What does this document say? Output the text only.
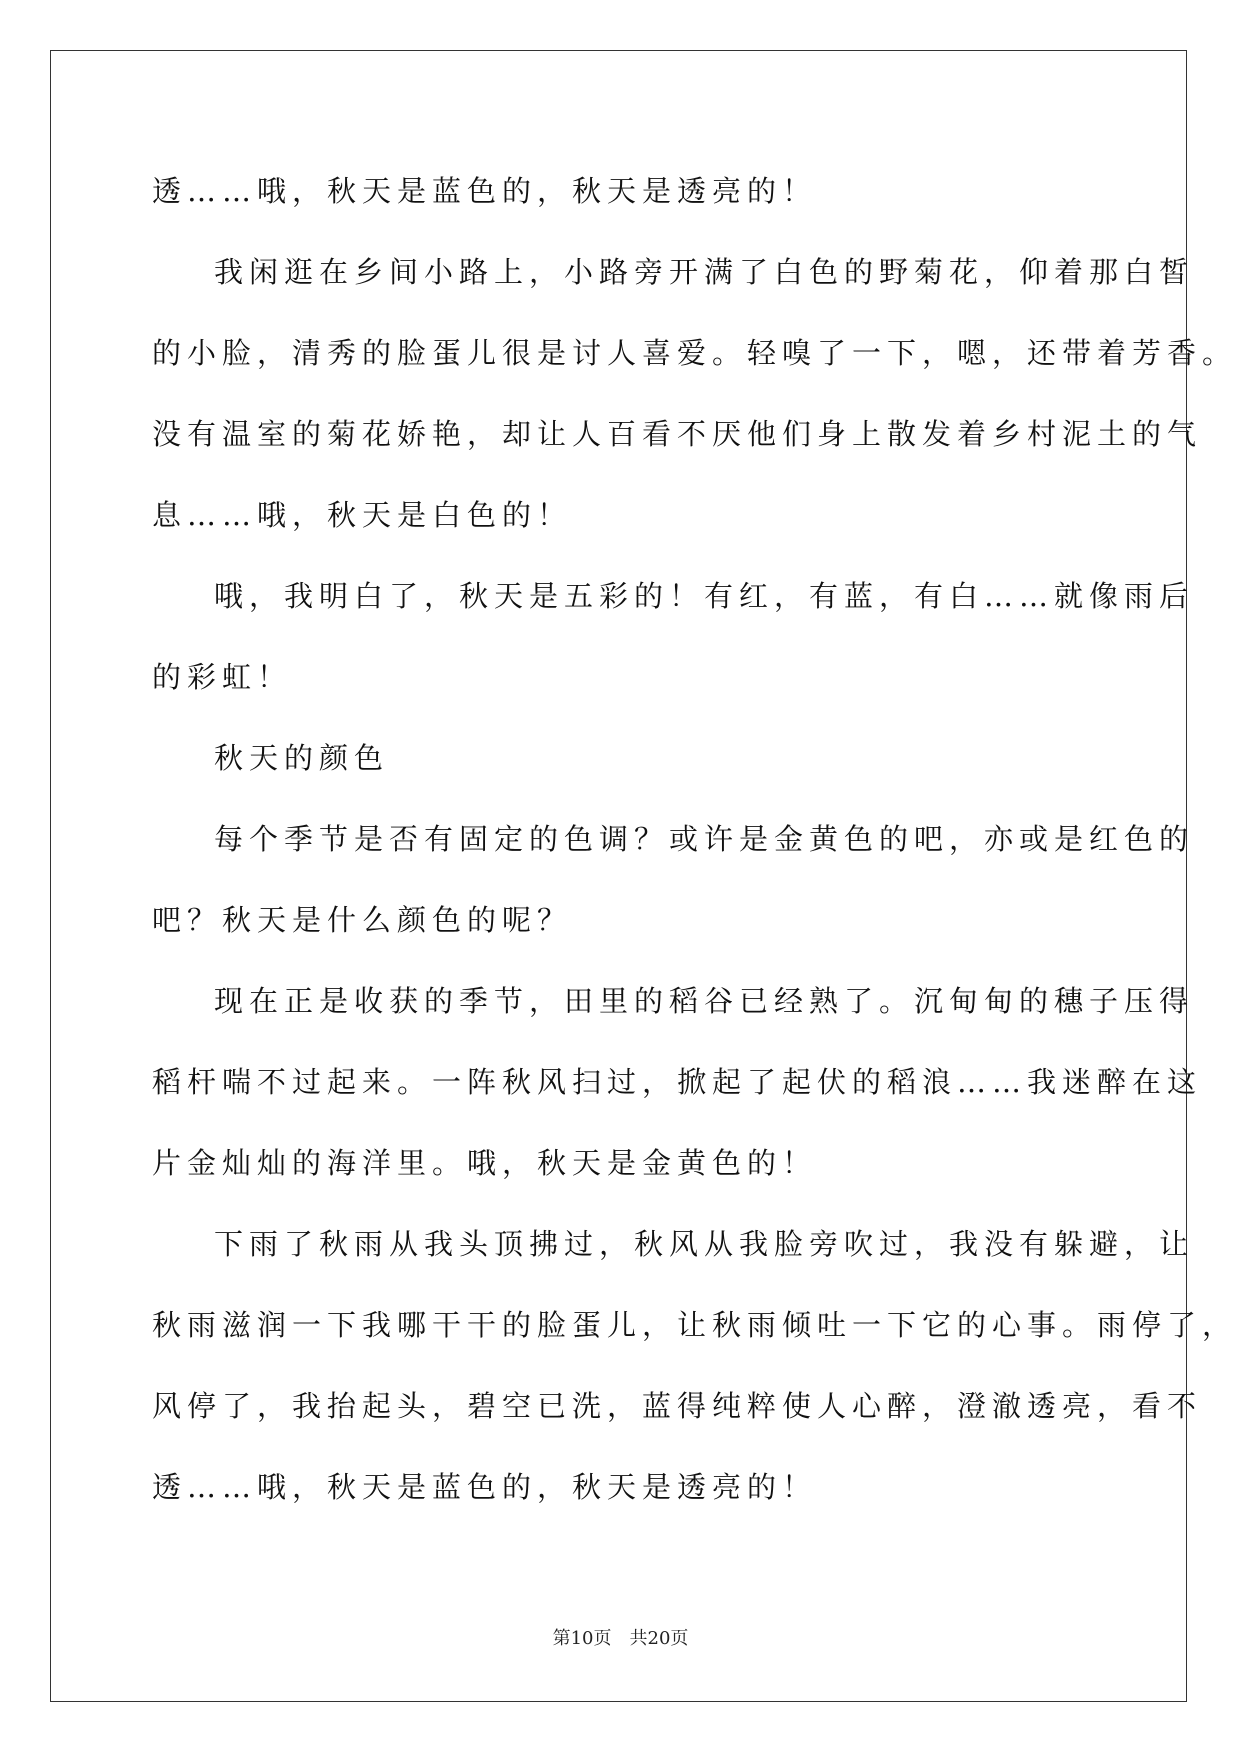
透……哦，秋天是蓝色的，秋天是透亮的！
我闲逛在乡间小路上，小路旁开满了白色的野菊花，仰着那白皙
的小脸，清秀的脸蛋儿很是讨人喜爱。轻嗅了一下，嗯，还带着芳香。
没有温室的菊花娇艳，却让人百看不厌他们身上散发着乡村泥土的气
息……哦，秋天是白色的！
哦，我明白了，秋天是五彩的！有红，有蓝，有白……就像雨后
的彩虹！
秋天的颜色
每个季节是否有固定的色调？或许是金黄色的吧，亦或是红色的
吧？秋天是什么颜色的呢？
现在正是收获的季节，田里的稻谷已经熟了。沉甸甸的穗子压得
稻杆喘不过起来。一阵秋风扫过，掀起了起伏的稻浪……我迷醉在这
片金灿灿的海洋里。哦，秋天是金黄色的！
下雨了秋雨从我头顶拂过，秋风从我脸旁吹过，我没有躲避，让
秋雨滋润一下我哪干干的脸蛋儿，让秋雨倾吐一下它的心事。雨停了，
风停了，我抬起头，碧空已洗，蓝得纯粹使人心醉，澄澈透亮，看不
透……哦，秋天是蓝色的，秋天是透亮的！
第10页　共20页
